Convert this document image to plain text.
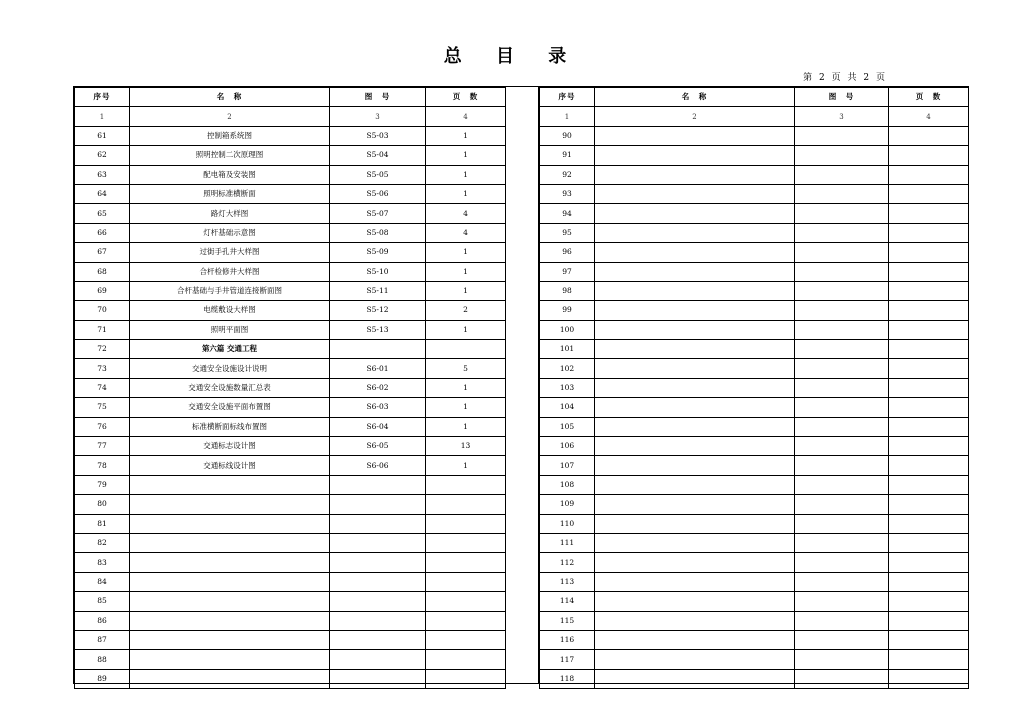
总 目 录
第 2 页 共 2 页
序号	名　称	图　号	页　数
1	2	3	4
61	控制箱系统图	S5-03	1
62	照明控制二次原理图	S5-04	1
63	配电箱及安装图	S5-05	1
64	照明标准横断面	S5-06	1
65	路灯大样图	S5-07	4
66	灯杆基础示意图	S5-08	4
67	过街手孔井大样图	S5-09	1
68	合杆检修井大样图	S5-10	1
69	合杆基础与手井管道连接断面图	S5-11	1
70	电缆敷设大样图	S5-12	2
71	照明平面图	S5-13	1
72	第六篇 交通工程		
73	交通安全设施设计说明	S6-01	5
74	交通安全设施数量汇总表	S6-02	1
75	交通安全设施平面布置图	S6-03	1
76	标准横断面标线布置图	S6-04	1
77	交通标志设计图	S6-05	13
78	交通标线设计图	S6-06	1
79			
80			
81			
82			
83			
84			
85			
86			
87			
88			
89			
序号	名　称	图　号	页　数
1	2	3	4
90			
91			
92			
93			
94			
95			
96			
97			
98			
99			
100			
101			
102			
103			
104			
105			
106			
107			
108			
109			
110			
111			
112			
113			
114			
115			
116			
117			
118			
